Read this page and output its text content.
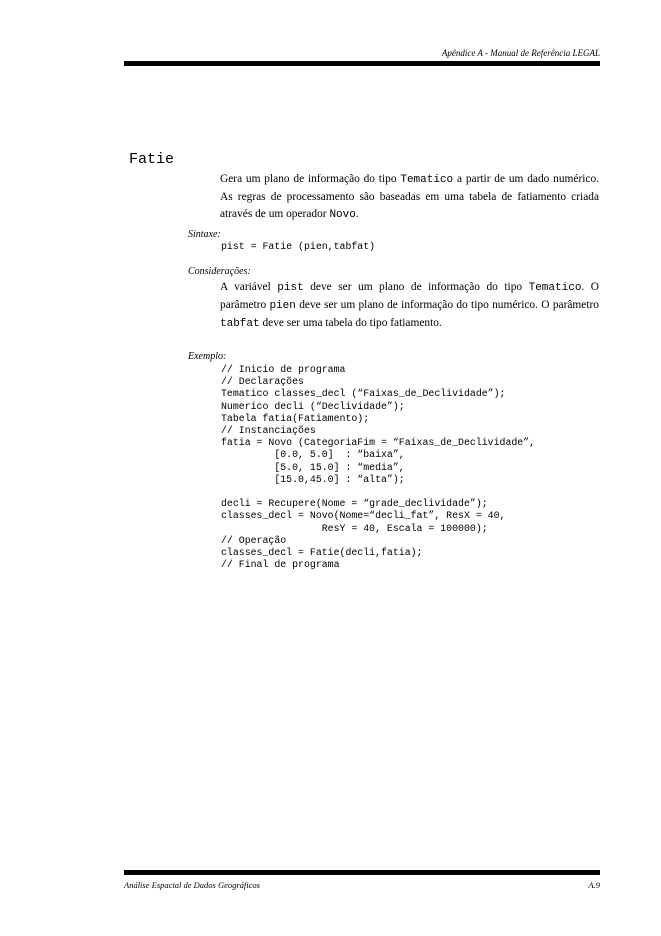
Apêndice A - Manual de Referência LEGAL
Fatie
Gera um plano de informação do tipo Tematico a partir de um dado numérico. As regras de processamento são baseadas em uma tabela de fatiamento criada através de um operador Novo.
Sintaxe:
pist = Fatie (pien,tabfat)
Considerações:
A variável pist deve ser um plano de informação do tipo Tematico. O parâmetro pien deve ser um plano de informação do tipo numérico. O parâmetro tabfat deve ser uma tabela do tipo fatiamento.
Exemplo:
// Inicio de programa
// Declarações
Tematico classes_decl (“Faixas_de_Declividade”);
Numerico decli (“Declividade”);
Tabela fatia(Fatiamento);
// Instanciações
fatia = Novo (CategoriaFim = “Faixas_de_Declividade”,
[0.0, 5.0]  : “baixa”,
[5.0, 15.0] : “media”,
[15.0,45.0] : “alta”);

decli = Recupere(Nome = “grade_declividade”);
classes_decl = Novo(Nome=“decli_fat”, ResX = 40,
ResY = 40, Escala = 100000);
// Operação
classes_decl = Fatie(decli,fatia);
// Final de programa
Análise Espacial de Dados Geográficos	A.9
